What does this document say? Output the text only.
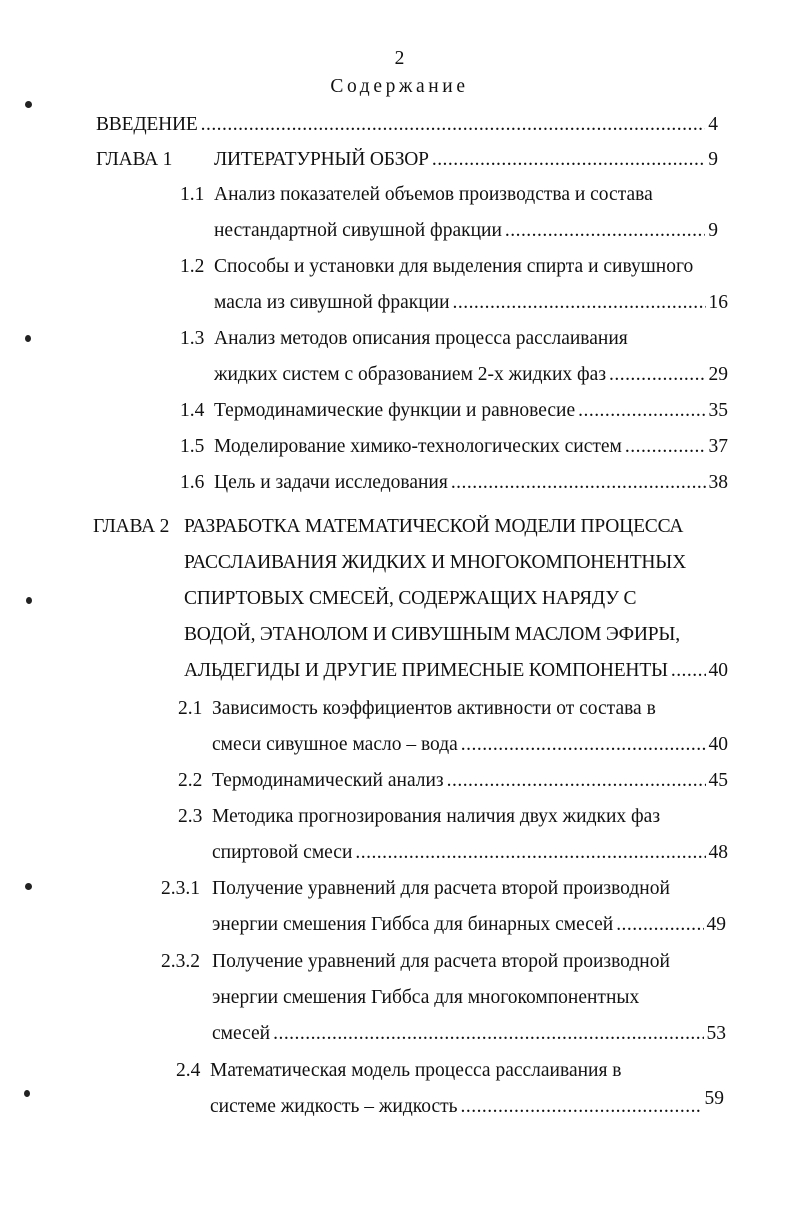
2
Содержание
ВВЕДЕНИЕ . . .	4
ГЛАВА 1 ЛИТЕРАТУРНЫЙ ОБЗОР . . .	9
1.1 Анализ показателей объемов производства и состава
нестандартной сивушной фракции . . .	9
1.2 Способы и установки для выделения спирта и сивушного
масла из сивушной фракции . . .	16
1.3 Анализ методов описания процесса расслаивания
жидких систем с образованием 2-х жидких фаз . . .	29
1.4 Термодинамические функции и равновесие . . .	35
1.5 Моделирование химико-технологических систем . . .	37
1.6 Цель и задачи исследования . . .	38
ГЛАВА 2 РАЗРАБОТКА МАТЕМАТИЧЕСКОЙ МОДЕЛИ ПРОЦЕССА
РАССЛАИВАНИЯ ЖИДКИХ И МНОГОКОМПОНЕНТНЫХ
СПИРТОВЫХ СМЕСЕЙ, СОДЕРЖАЩИХ НАРЯДУ С
ВОДОЙ, ЭТАНОЛОМ И СИВУШНЫМ МАСЛОМ ЭФИРЫ,
АЛЬДЕГИДЫ И ДРУГИЕ ПРИМЕСНЫЕ КОМПОНЕНТЫ . . . 40
2.1 Зависимость коэффициентов активности от состава в
смеси сивушное масло – вода . . .	40
2.2 Термодинамический анализ . . .	45
2.3 Методика прогнозирования наличия двух жидких фаз
спиртовой смеси . . .	48
2.3.1 Получение уравнений для расчета второй производной
энергии смешения Гиббса для бинарных смесей . . .	49
2.3.2 Получение уравнений для расчета второй производной
энергии смешения Гиббса для многокомпонентных
смесей . . .	53
2.4 Математическая модель процесса расслаивания в
системе жидкость – жидкость . . .	59
